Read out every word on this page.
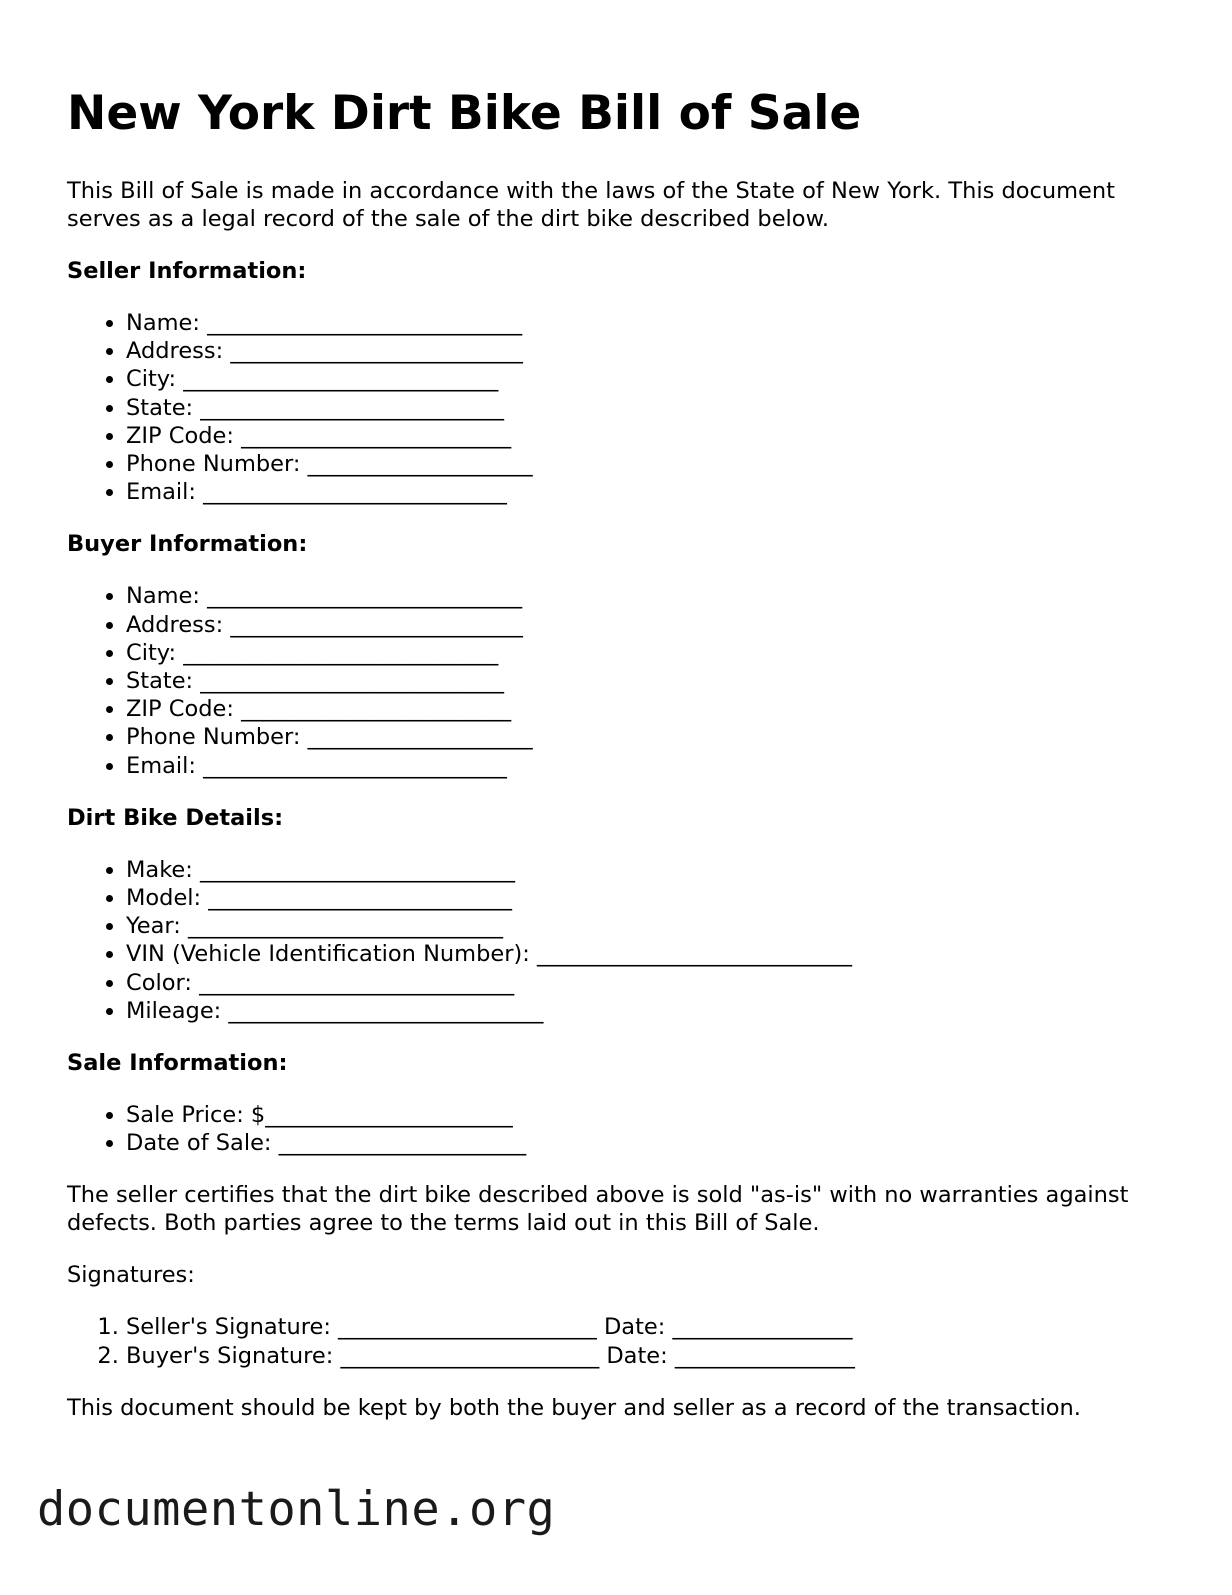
New York Dirt Bike Bill of Sale

This Bill of Sale is made in accordance with the laws of the State of New York. This document serves as a legal record of the sale of the dirt bike described below.

Seller Information:
• Name: ____________________________
• Address: __________________________
• City: ____________________________
• State: ___________________________
• ZIP Code: ________________________
• Phone Number: ____________________
• Email: ___________________________
Buyer Information:
• Name: ____________________________
• Address: __________________________
• City: ____________________________
• State: ___________________________
• ZIP Code: ________________________
• Phone Number: ____________________
• Email: ___________________________
Dirt Bike Details:
• Make: ____________________________
• Model: ___________________________
• Year: ____________________________
• VIN (Vehicle Identification Number): ____________________________
• Color: ____________________________
• Mileage: ____________________________
Sale Information:
• Sale Price: $______________________
• Date of Sale: ______________________

The seller certifies that the dirt bike described above is sold "as-is" with no warranties against defects. Both parties agree to the terms laid out in this Bill of Sale.

Signatures:

1. Seller's Signature: _______________________ Date: ________________
2. Buyer's Signature: _______________________ Date: ________________

This document should be kept by both the buyer and seller as a record of the transaction.

documentonline.org
